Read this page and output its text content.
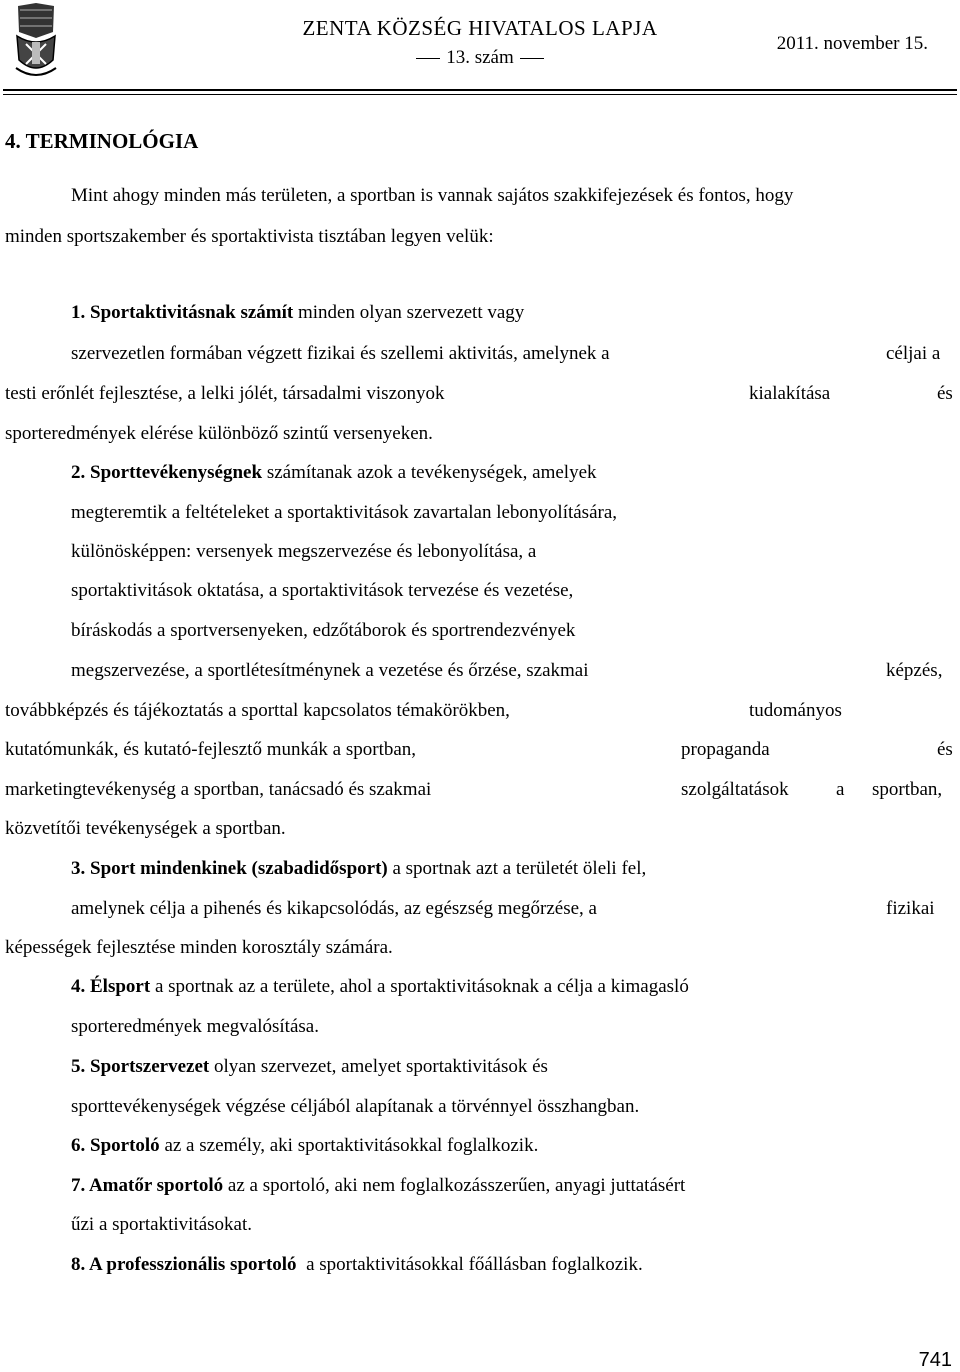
ZENTA KÖZSÉG HIVATALOS LAPJA
13. szám
2011. november 15.
4. TERMINOLÓGIA
Mint ahogy minden más területen, a sportban is vannak sajátos szakkifejezések és fontos, hogy
minden sportszakember és sportaktivista tisztában legyen velük:
1. Sportaktivitásnak számít minden olyan szervezett vagy
szervezetlen formában végzett fizikai és szellemi aktivitás, amelynek a	céljai a
testi erőnlét fejlesztése, a lelki jólét, társadalmi viszonyok	kialakítása	és
sporteredmények elérése különböző szintű versenyeken.
2. Sporttevékenységnek számítanak azok a tevékenységek, amelyek
megteremtik a feltételeket a sportaktivitások zavartalan lebonyolítására,
különösképpen: versenyek megszervezése és lebonyolítása, a
sportaktivitások oktatása, a sportaktivitások tervezése és vezetése,
bíráskodás a sportversenyeken, edzőtáborok és sportrendezvények
megszervezése, a sportlétesítménynek a vezetése és őrzése, szakmai	képzés,
továbbképzés és tájékoztatás a sporttal kapcsolatos témakörökben,	tudományos
kutatómunkák, és kutató-fejlesztő munkák a sportban,	propaganda	és
marketingtevékenység a sportban, tanácsadó és szakmai	szolgáltatások a sportban,
közvetítői tevékenységek a sportban.
3. Sport mindenkinek (szabadidősport) a sportnak azt a területét öleli fel,
amelynek célja a pihenés és kikapcsolódás, az egészség megőrzése, a	fizikai
képességek fejlesztése minden korosztály számára.
4. Élsport a sportnak az a területe, ahol a sportaktivitásoknak a célja a kimagasló
sporteredmények megvalósítása.
5. Sportszervezet olyan szervezet, amelyet sportaktivitások és
sporttevékenységek végzése céljából alapítanak a törvénnyel összhangban.
6. Sportoló az a személy, aki sportaktivitásokkal foglalkozik.
7. Amatőr sportoló az a sportoló, aki nem foglalkozásszerűen, anyagi juttatásért
űzi a sportaktivitásokat.
8. A professzionális sportoló a sportaktivitásokkal főállásban foglalkozik.
741
